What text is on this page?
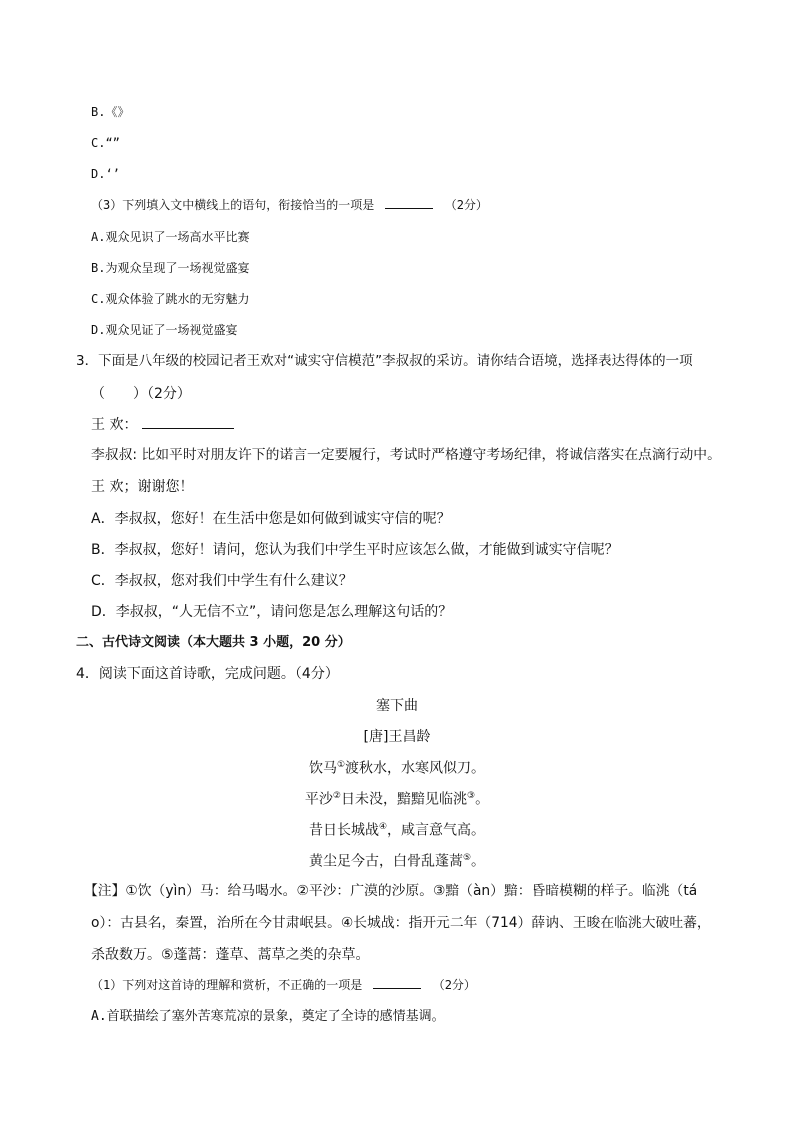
B.《》
C.“”
D.‘’
（3）下列填入文中横线上的语句，衔接恰当的一项是	（2分）
A.观众见识了一场高水平比赛
B.为观众呈现了一场视觉盛宴
C.观众体验了跳水的无穷魅力
D.观众见证了一场视觉盛宴
3．下面是八年级的校园记者王欢对“诚实守信模范”李叔叔的采访。请你结合语境，选择表达得体的一项
（　　）（2分）
王 欢：
李叔叔: 比如平时对朋友许下的诺言一定要履行，考试时严格遵守考场纪律，将诚信落实在点滴行动中。
王 欢；谢谢您！
A．李叔叔，您好！在生活中您是如何做到诚实守信的呢？
B．李叔叔，您好！请问，您认为我们中学生平时应该怎么做，才能做到诚实守信呢？
C．李叔叔，您对我们中学生有什么建议？
D．李叔叔，“人无信不立”，请问您是怎么理解这句话的？
二、古代诗文阅读（本大题共 3 小题，20 分）
4．阅读下面这首诗歌，完成问题。（4分）
塞下曲
[唐]王昌龄
饮马①渡秋水，水寒风似刀。
平沙②日未没，黯黯见临洮③。
昔日长城战④，咸言意气高。
黄尘足今古，白骨乱蓬蒿⑤。
【注】①饮（yìn）马：给马喝水。②平沙：广漠的沙原。③黯（àn）黯：昏暗模糊的样子。临洮（tá
o）：古县名，秦置，治所在今甘肃岷县。④长城战：指开元二年（714）薛讷、王晙在临洮大破吐蕃，
杀敌数万。⑤蓬蒿：蓬草、蒿草之类的杂草。
（1）下列对这首诗的理解和赏析，不正确的一项是	（2分）
A.首联描绘了塞外苦寒荒凉的景象，奠定了全诗的感情基调。
